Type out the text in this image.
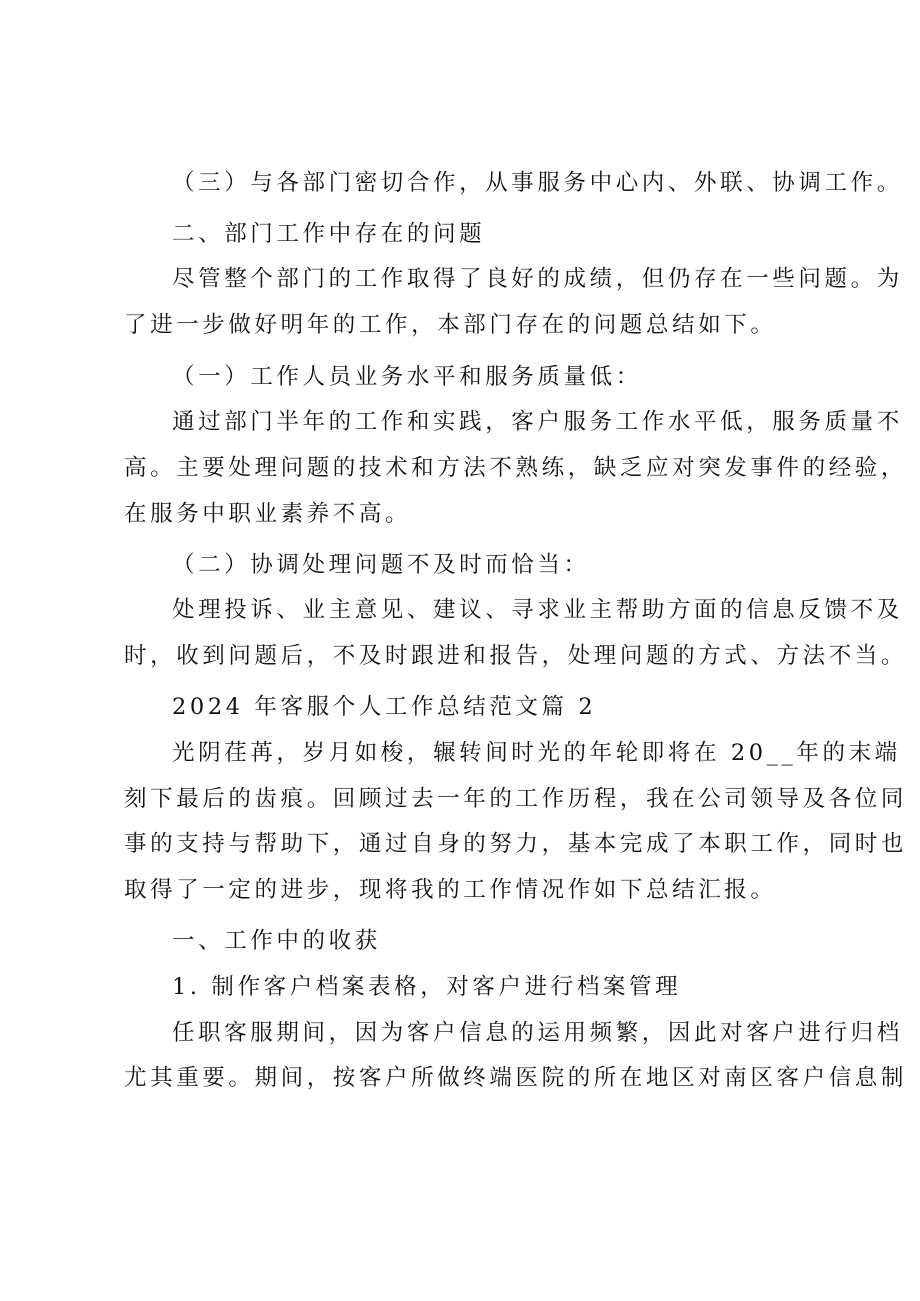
（三）与各部门密切合作，从事服务中心内、外联、协调工作。
二、部门工作中存在的问题
尽管整个部门的工作取得了良好的成绩，但仍存在一些问题。为
了进一步做好明年的工作，本部门存在的问题总结如下。
（一）工作人员业务水平和服务质量低：
通过部门半年的工作和实践，客户服务工作水平低，服务质量不
高。主要处理问题的技术和方法不熟练，缺乏应对突发事件的经验，
在服务中职业素养不高。
（二）协调处理问题不及时而恰当：
处理投诉、业主意见、建议、寻求业主帮助方面的信息反馈不及
时，收到问题后，不及时跟进和报告，处理问题的方式、方法不当。
2024 年客服个人工作总结范文篇 2
光阴荏苒，岁月如梭，辗转间时光的年轮即将在 20__年的末端
刻下最后的齿痕。回顾过去一年的工作历程，我在公司领导及各位同
事的支持与帮助下，通过自身的努力，基本完成了本职工作，同时也
取得了一定的进步，现将我的工作情况作如下总结汇报。
一、工作中的收获
1. 制作客户档案表格，对客户进行档案管理
任职客服期间，因为客户信息的运用频繁，因此对客户进行归档
尤其重要。期间，按客户所做终端医院的所在地区对南区客户信息制
